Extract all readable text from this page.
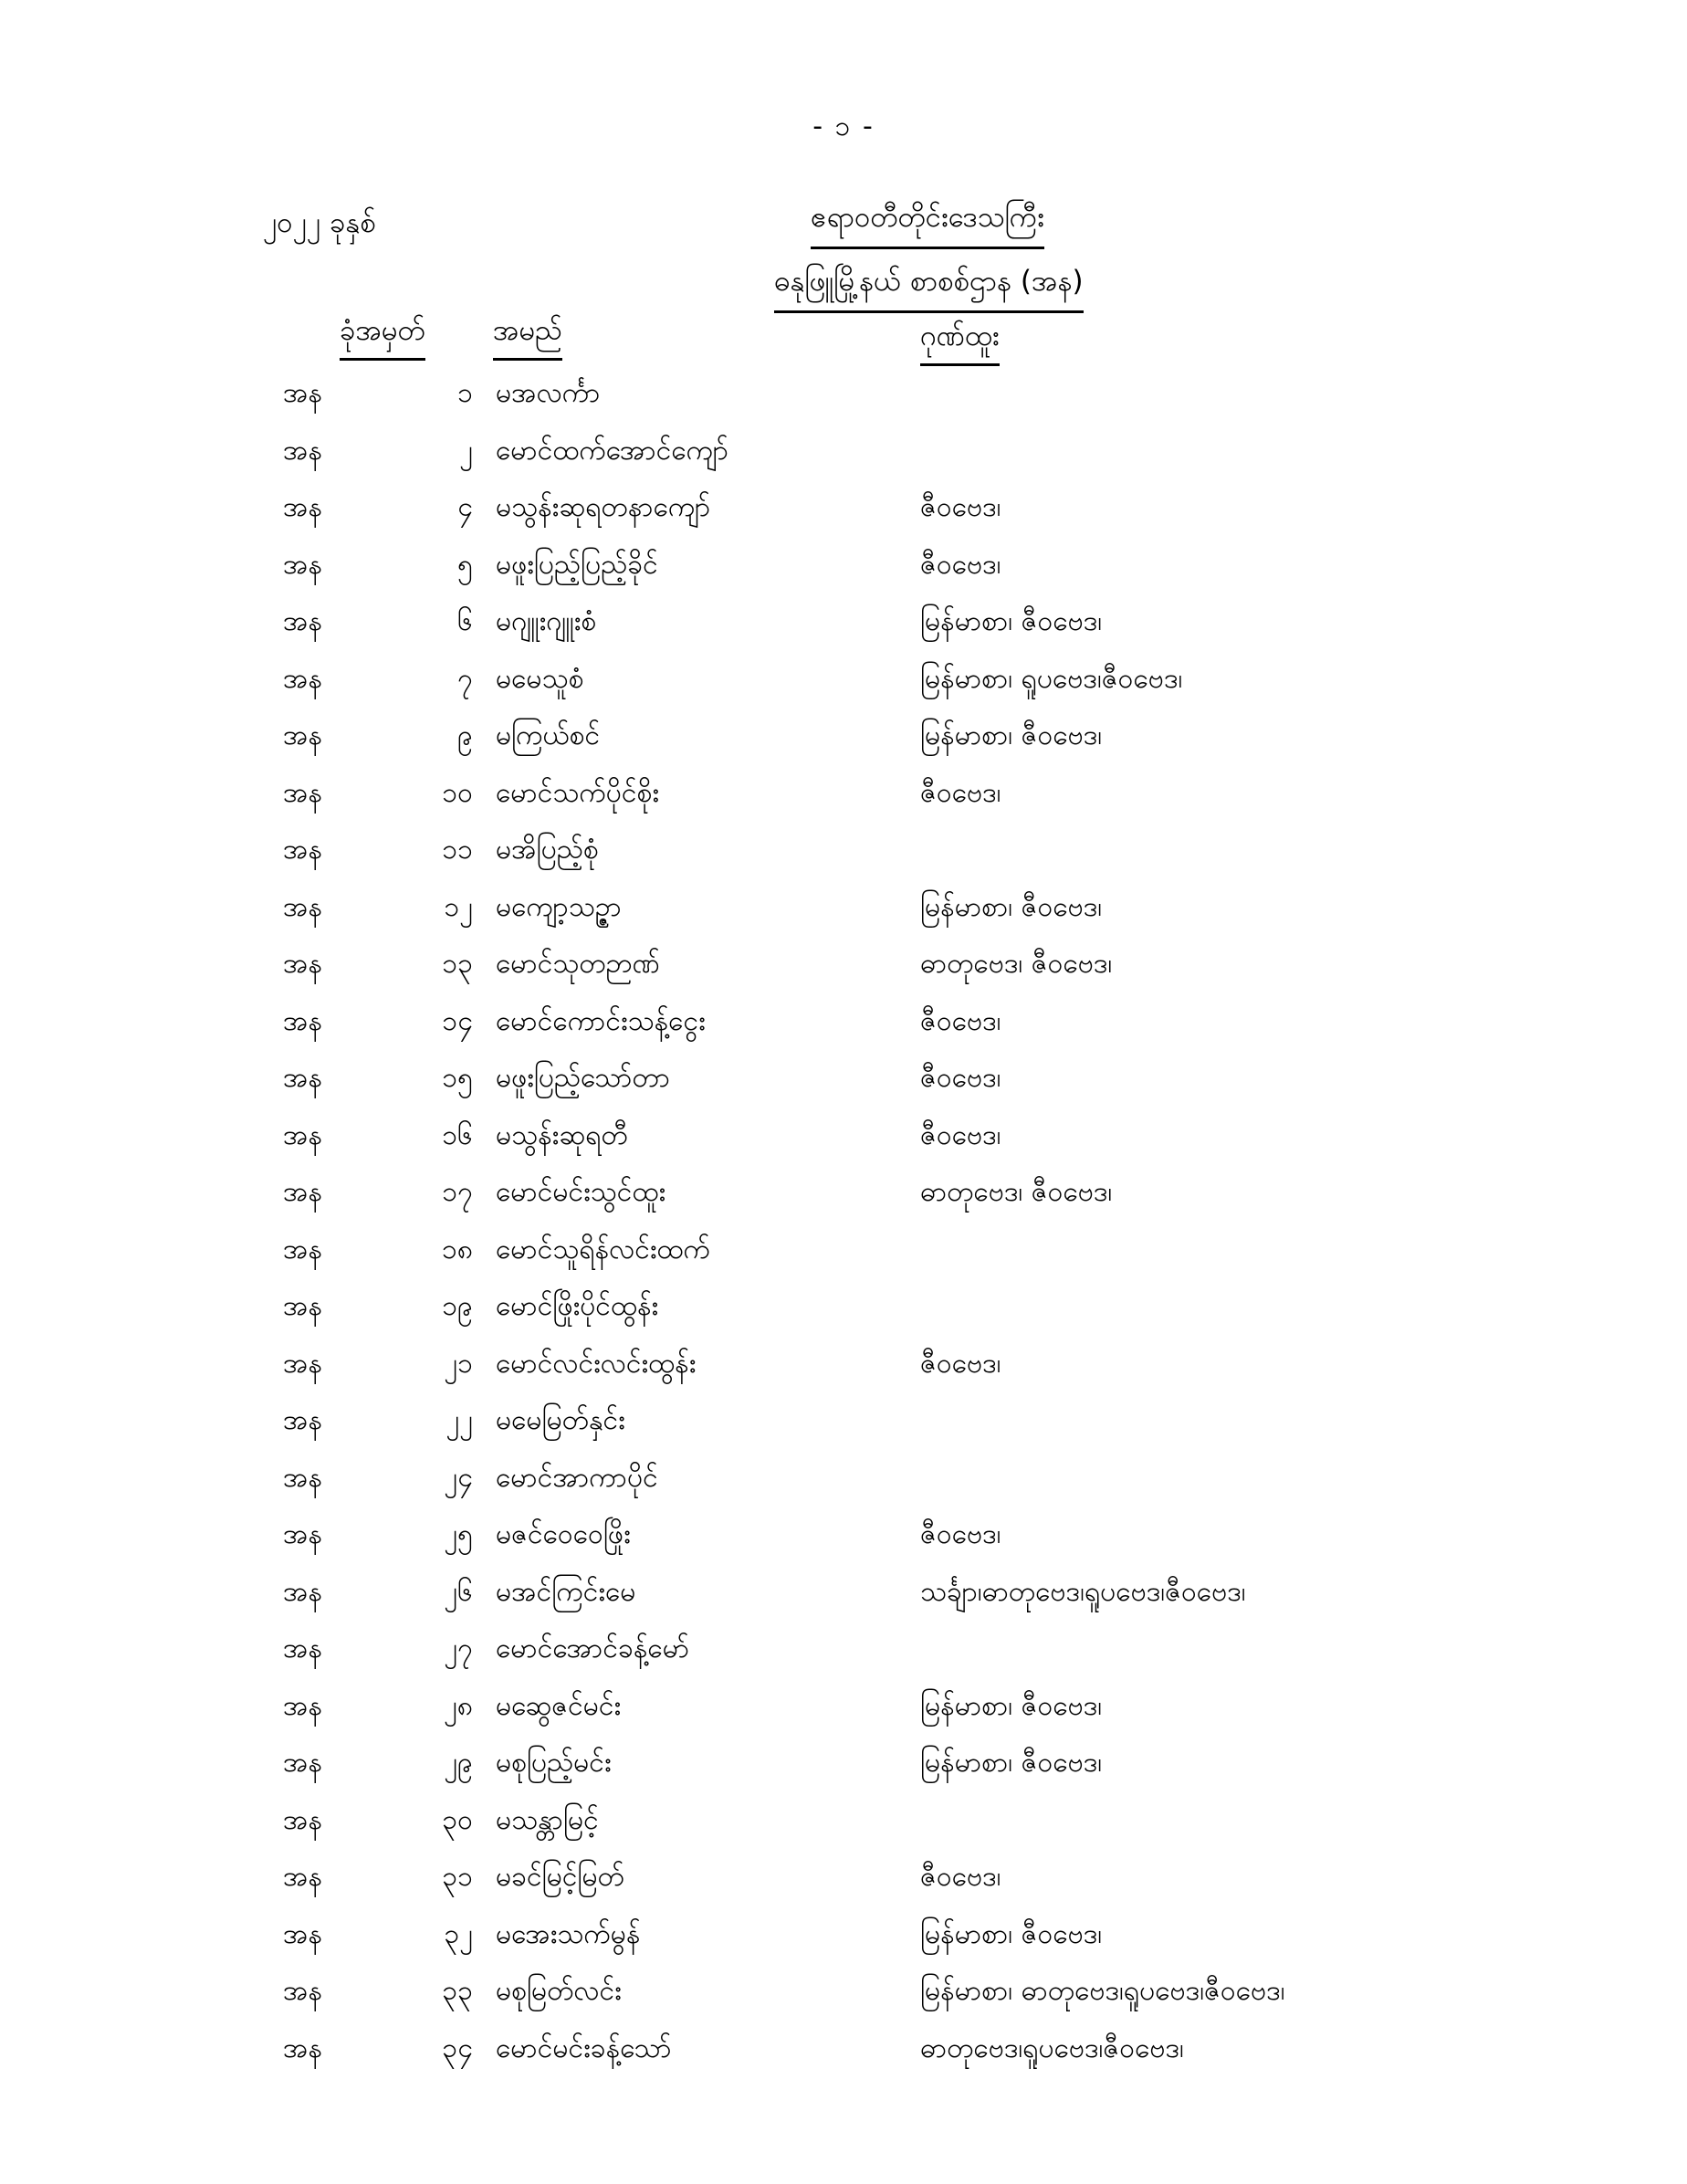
- ၁ -
၂၀၂၂ ခုနှစ်	ဧရာဝတီတိုင်းဒေသကြီး
ဓနုဖြူမြို့နယ် စာစစ်ဌာန (အန)
ခုံအမှတ် အမည်	ဂုဏ်ထူး
အန	၁ မအလင်္ကာ
အန	၂ မောင်ထက်အောင်ကျော်
အန	၄ မသွန်းဆုရတနာကျော်	ဇီဝဗေဒ၊
အန	၅ မဖူးပြည့်ပြည့်ခိုင်	ဇီဝဗေဒ၊
အန	၆ မဂျူးဂျူးစံ	မြန်မာစာ၊ ဇီဝဗေဒ၊
အန	၇ မမေသူစံ	မြန်မာစာ၊ ရူပဗေဒ၊ဇီဝဗေဒ၊
အန	၉ မကြယ်စင်	မြန်မာစာ၊ ဇီဝဗေဒ၊
အန	၁၀ မောင်သက်ပိုင်စိုး	ဇီဝဗေဒ၊
အန	၁၁ မအိပြည့်စုံ
အန	၁၂ မကျော့သဥ္ဇာ	မြန်မာစာ၊ ဇီဝဗေဒ၊
အန	၁၃ မောင်သုတဉာဏ်	ဓာတုဗေဒ၊ ဇီဝဗေဒ၊
အန	၁၄ မောင်ကောင်းသန့်ငွေး	ဇီဝဗေဒ၊
အန	၁၅ မဖူးပြည့်သော်တာ	ဇီဝဗေဒ၊
အန	၁၆ မသွန်းဆုရတီ	ဇီဝဗေဒ၊
အန	၁၇ မောင်မင်းသွင်ထူး	ဓာတုဗေဒ၊ ဇီဝဗေဒ၊
အန	၁၈ မောင်သူရိန်လင်းထက်
အန	၁၉ မောင်ဖြိုးပိုင်ထွန်း
အန	၂၁ မောင်လင်းလင်းထွန်း	ဇီဝဗေဒ၊
အန	၂၂ မမေမြတ်နှင်း
အန	၂၄ မောင်အာကာပိုင်
အန	၂၅ မဇင်ဝေဝေဖြိုး	ဇီဝဗေဒ၊
အန	၂၆ မအင်ကြင်းမေ	သင်္ချာ၊ဓာတုဗေဒ၊ရူပဗေဒ၊ဇီဝဗေဒ၊
အန	၂၇ မောင်အောင်ခန့်မော်
အန	၂၈ မဆွေဇင်မင်း	မြန်မာစာ၊ ဇီဝဗေဒ၊
အန	၂၉ မစုပြည့်မင်း	မြန်မာစာ၊ ဇီဝဗေဒ၊
အန	၃၀ မသန္တာမြင့်
အန	၃၁ မခင်မြင့်မြတ်	ဇီဝဗေဒ၊
အန	၃၂ မအေးသက်မွန်	မြန်မာစာ၊ ဇီဝဗေဒ၊
အန	၃၃ မစုမြတ်လင်း	မြန်မာစာ၊ ဓာတုဗေဒ၊ရူပဗေဒ၊ဇီဝဗေဒ၊
အန	၃၄ မောင်မင်းခန့်သော်	ဓာတုဗေဒ၊ရူပဗေဒ၊ဇီဝဗေဒ၊
